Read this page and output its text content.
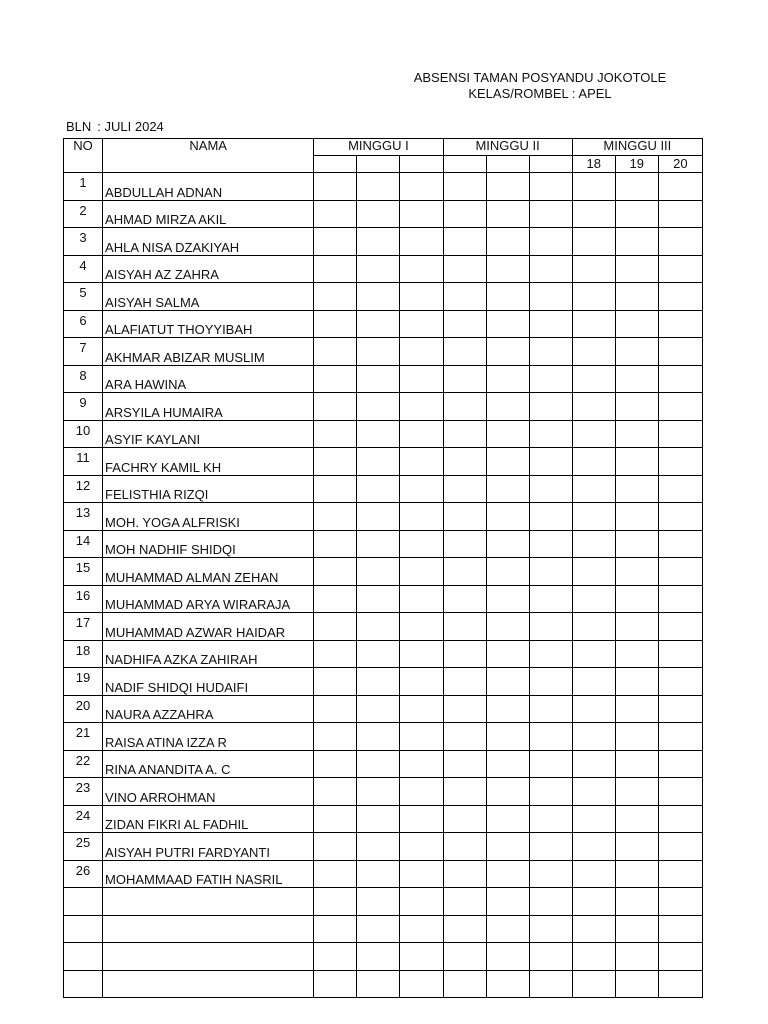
ABSENSI TAMAN POSYANDU JOKOTOLE
KELAS/ROMBEL : APEL
BLN : JULI 2024
NO	NAMA	MINGGU I			MINGGU II			MINGGU III		
								18	19	20
1	ABDULLAH ADNAN									
2	AHMAD MIRZA AKIL									
3	AHLA NISA DZAKIYAH									
4	AISYAH AZ ZAHRA									
5	AISYAH SALMA									
6	ALAFIATUT THOYYIBAH									
7	AKHMAR ABIZAR MUSLIM									
8	ARA HAWINA									
9	ARSYILA HUMAIRA									
10	ASYIF KAYLANI									
11	FACHRY KAMIL KH									
12	FELISTHIA RIZQI									
13	MOH. YOGA ALFRISKI									
14	MOH NADHIF SHIDQI									
15	MUHAMMAD ALMAN ZEHAN									
16	MUHAMMAD ARYA WIRARAJA									
17	MUHAMMAD AZWAR HAIDAR									
18	NADHIFA AZKA ZAHIRAH									
19	NADIF SHIDQI HUDAIFI									
20	NAURA AZZAHRA									
21	RAISA ATINA IZZA R									
22	RINA ANANDITA A. C									
23	VINO ARROHMAN									
24	ZIDAN FIKRI AL FADHIL									
25	AISYAH PUTRI FARDYANTI									
26	MOHAMMAAD FATIH NASRIL									
